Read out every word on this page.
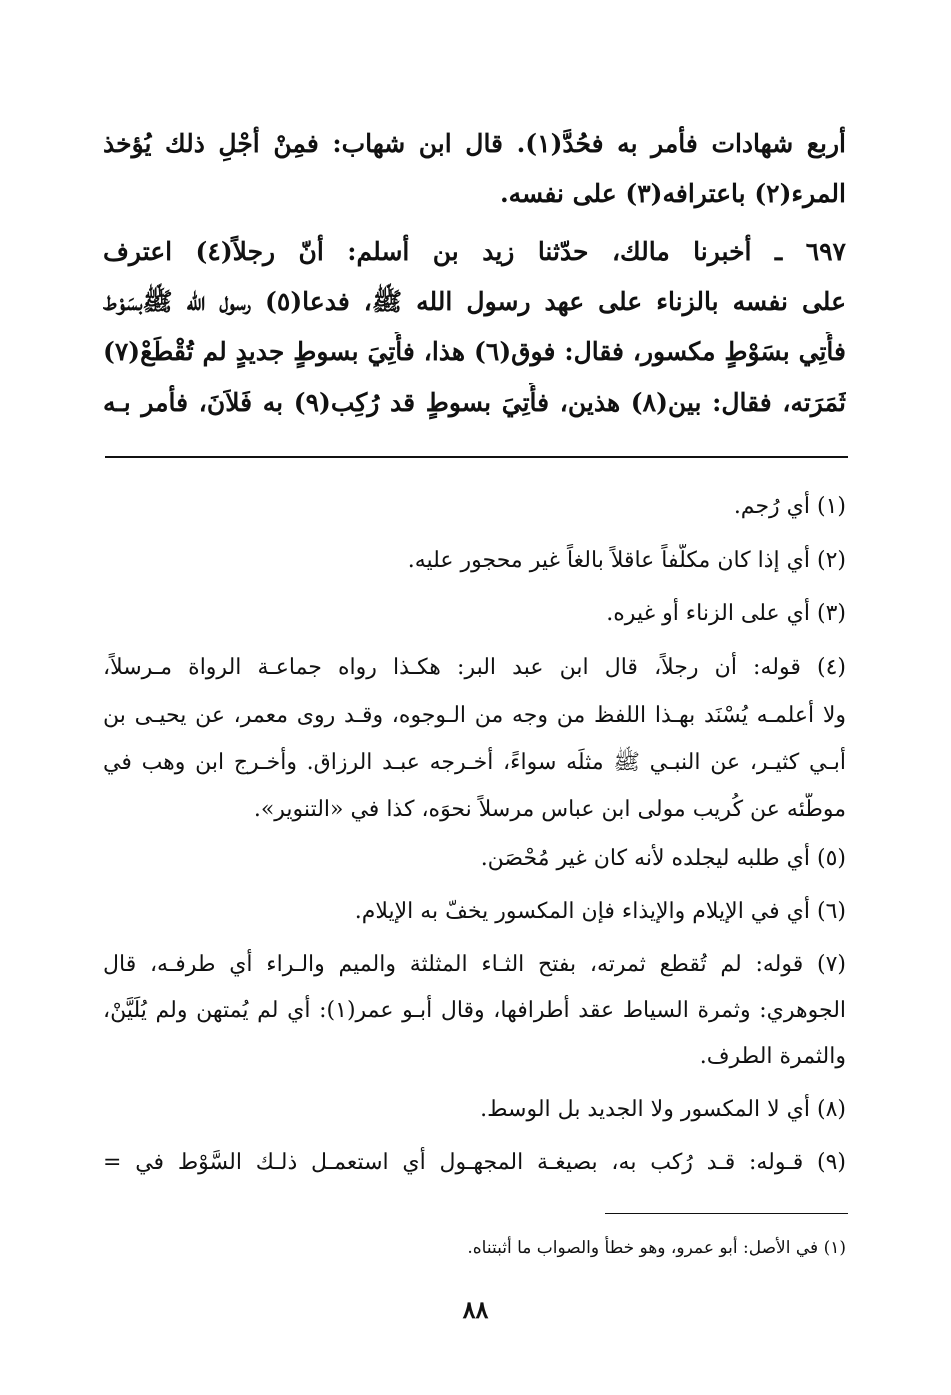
أربع شهادات فأمر به فحُدَّ(١). قال ابن شهاب: فمِنْ أجْلِ ذلك يُؤخذ
المرء(٢) باعترافه(٣) على نفسه.
٦٩٧ ـ أخبرنا مالك، حدّثنا زيد بن أسلم: أنّ رجلاً(٤) اعترف
على نفسه بالزناء على عهد رسول الله ﷺ، فدعا(٥) رسول الله ﷺبسَوْط
فأُتِي بسَوْطٍ مكسور، فقال: فوق(٦) هذا، فأُتِيَ بسوطٍ جديدٍ لم تُقْطَعْ(٧)
ثَمَرَته، فقال: بين(٨) هذين، فأُتِيَ بسوطٍ قد رُكِب(٩) به فَلاَنَ، فأمر بـه
(١) أي رُجم.
(٢) أي إذا كان مكلَّفاً عاقلاً بالغاً غير محجور عليه.
(٣) أي على الزناء أو غيره.
(٤) قوله: أن رجلاً، قال ابن عبد البر: هكـذا رواه جماعـة الرواة مـرسلاً،
ولا أعلمـه يُسْنَد بهـذا اللفظ من وجه من الـوجوه، وقـد روى معمر، عن يحيـى بن
أبـي كثيـر، عن النبـي ﷺ مثلَه سواءً، أخـرجه عبـد الرزاق. وأخـرج ابن وهب في
موطّئه عن كُريب مولى ابن عباس مرسلاً نحوَه، كذا في «التنوير».
(٥) أي طلبه ليجلده لأنه كان غير مُحْصَن.
(٦) أي في الإيلام والإيذاء فإن المكسور يخفّ به الإيلام.
(٧) قوله: لم تُقطع ثمرته، بفتح الثـاء المثلثة والميم والـراء أي طرفـه، قال
الجوهري: وثمرة السياط عقد أطرافها، وقال أبـو عمر(١): أي لم يُمتهن ولم يُلَيَّنْ،
والثمرة الطرف.
(٨) أي لا المكسور ولا الجديد بل الوسط.
(٩) قـوله: قـد رُكب به، بصيغـة المجهـول أي استعمـل ذلـك السَّوْط في =
(١) في الأصل: أبو عمرو، وهو خطأ والصواب ما أثبتناه.
٨٨
